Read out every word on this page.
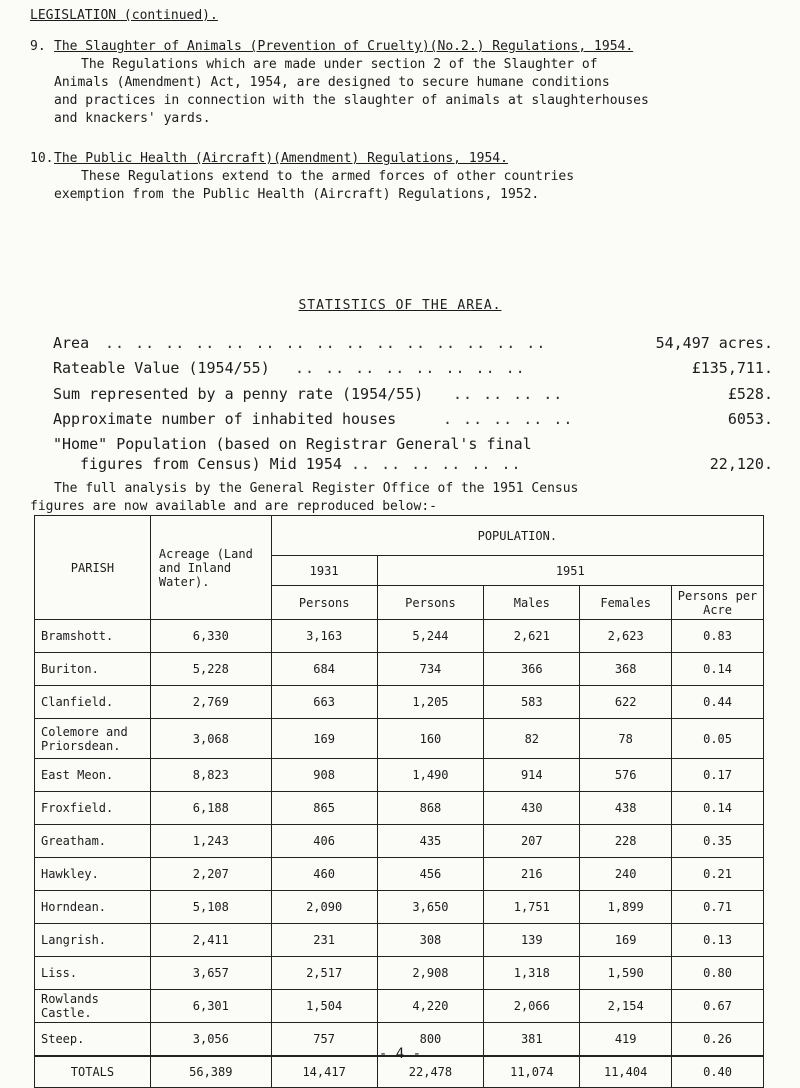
LEGISLATION (continued).
9. The Slaughter of Animals (Prevention of Cruelty)(No.2.) Regulations, 1954.
The Regulations which are made under section 2 of the Slaughter of
Animals (Amendment) Act, 1954, are designed to secure humane conditions
and practices in connection with the slaughter of animals at slaughterhouses
and knackers' yards.
10.The Public Health (Aircraft)(Amendment) Regulations, 1954.
These Regulations extend to the armed forces of other countries
exemption from the Public Health (Aircraft) Regulations, 1952.
STATISTICS OF THE AREA.
Area .. .. .. .. .. .. .. .. .. .. .. .. .. .. ..	54,497 acres.
Rateable Value (1954/55) .. .. .. .. .. .. .. ..	£135,711.
Sum represented by a penny rate (1954/55) .. .. .. ..	£528.
Approximate number of inhabited houses	. .. .. .. ..	6053.
"Home" Population (based on Registrar General's final
figures from Census) Mid 1954 .. .. .. .. .. ..	22,120.
The full analysis by the General Register Office of the 1951 Census
figures are now available and are reproduced below:-
PARISH	Acreage (Land and Inland Water).	POPULATION.				
		1931	1951			
		Persons	Persons	Males	Females	Persons per Acre
Bramshott.	6,330	3,163	5,244	2,621	2,623	0.83
Buriton.	5,228	684	734	366	368	0.14
Clanfield.	2,769	663	1,205	583	622	0.44
Colemore and Priorsdean.	3,068	169	160	82	78	0.05
East Meon.	8,823	908	1,490	914	576	0.17
Froxfield.	6,188	865	868	430	438	0.14
Greatham.	1,243	406	435	207	228	0.35
Hawkley.	2,207	460	456	216	240	0.21
Horndean.	5,108	2,090	3,650	1,751	1,899	0.71
Langrish.	2,411	231	308	139	169	0.13
Liss.	3,657	2,517	2,908	1,318	1,590	0.80
Rowlands Castle.	6,301	1,504	4,220	2,066	2,154	0.67
Steep.	3,056	757	800	381	419	0.26
TOTALS	56,389	14,417	22,478	11,074	11,404	0.40
- 4 -
